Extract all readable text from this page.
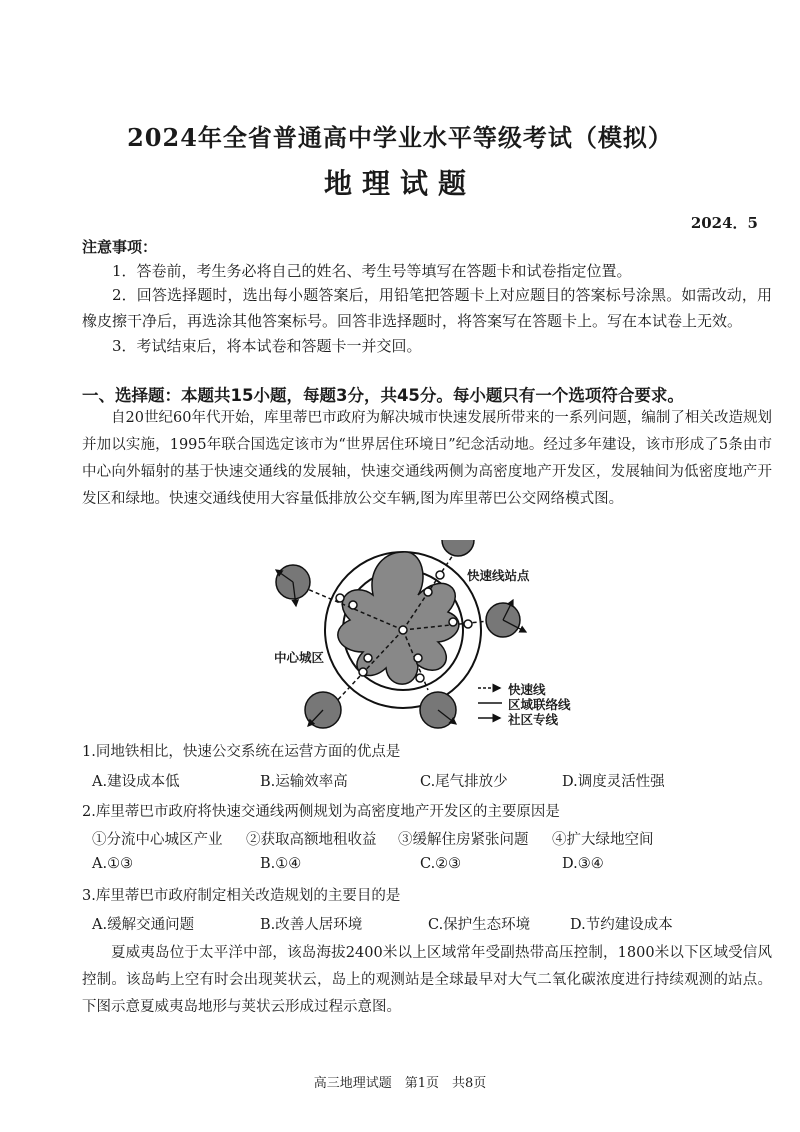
2024年全省普通高中学业水平等级考试（模拟）
地理试题
2024．5
注意事项：
1．答卷前，考生务必将自己的姓名、考生号等填写在答题卡和试卷指定位置。
2．回答选择题时，选出每小题答案后，用铅笔把答题卡上对应题目的答案标号涂黑。如需改动，用橡皮擦干净后，再选涂其他答案标号。回答非选择题时，将答案写在答题卡上。写在本试卷上无效。
3．考试结束后，将本试卷和答题卡一并交回。
一、选择题：本题共15小题，每题3分，共45分。每小题只有一个选项符合要求。
自20世纪60年代开始，库里蒂巴市政府为解决城市快速发展所带来的一系列问题，编制了相关改造规划并加以实施，1995年联合国选定该市为“世界居住环境日”纪念活动地。经过多年建设，该市形成了5条由市中心向外辐射的基于快速交通线的发展轴，快速交通线两侧为高密度地产开发区，发展轴间为低密度地产开发区和绿地。快速交通线使用大容量低排放公交车辆,图为库里蒂巴公交网络模式图。
快速线站点
中心城区
快速线
区域联络线
社区专线
1.同地铁相比，快速公交系统在运营方面的优点是
A.建设成本低	B.运输效率高	C.尾气排放少	D.调度灵活性强
2.库里蒂巴市政府将快速交通线两侧规划为高密度地产开发区的主要原因是
①分流中心城区产业 ②获取高额地租收益 ③缓解住房紧张问题 ④扩大绿地空间
A.①③	B.①④	C.②③	D.③④
3.库里蒂巴市政府制定相关改造规划的主要目的是
A.缓解交通问题	B.改善人居环境	C.保护生态环境	D.节约建设成本
夏威夷岛位于太平洋中部，该岛海拔2400米以上区域常年受副热带高压控制，1800米以下区域受信风控制。该岛屿上空有时会出现荚状云，岛上的观测站是全球最早对大气二氧化碳浓度进行持续观测的站点。下图示意夏威夷岛地形与荚状云形成过程示意图。
高三地理试题　第1页　共8页
